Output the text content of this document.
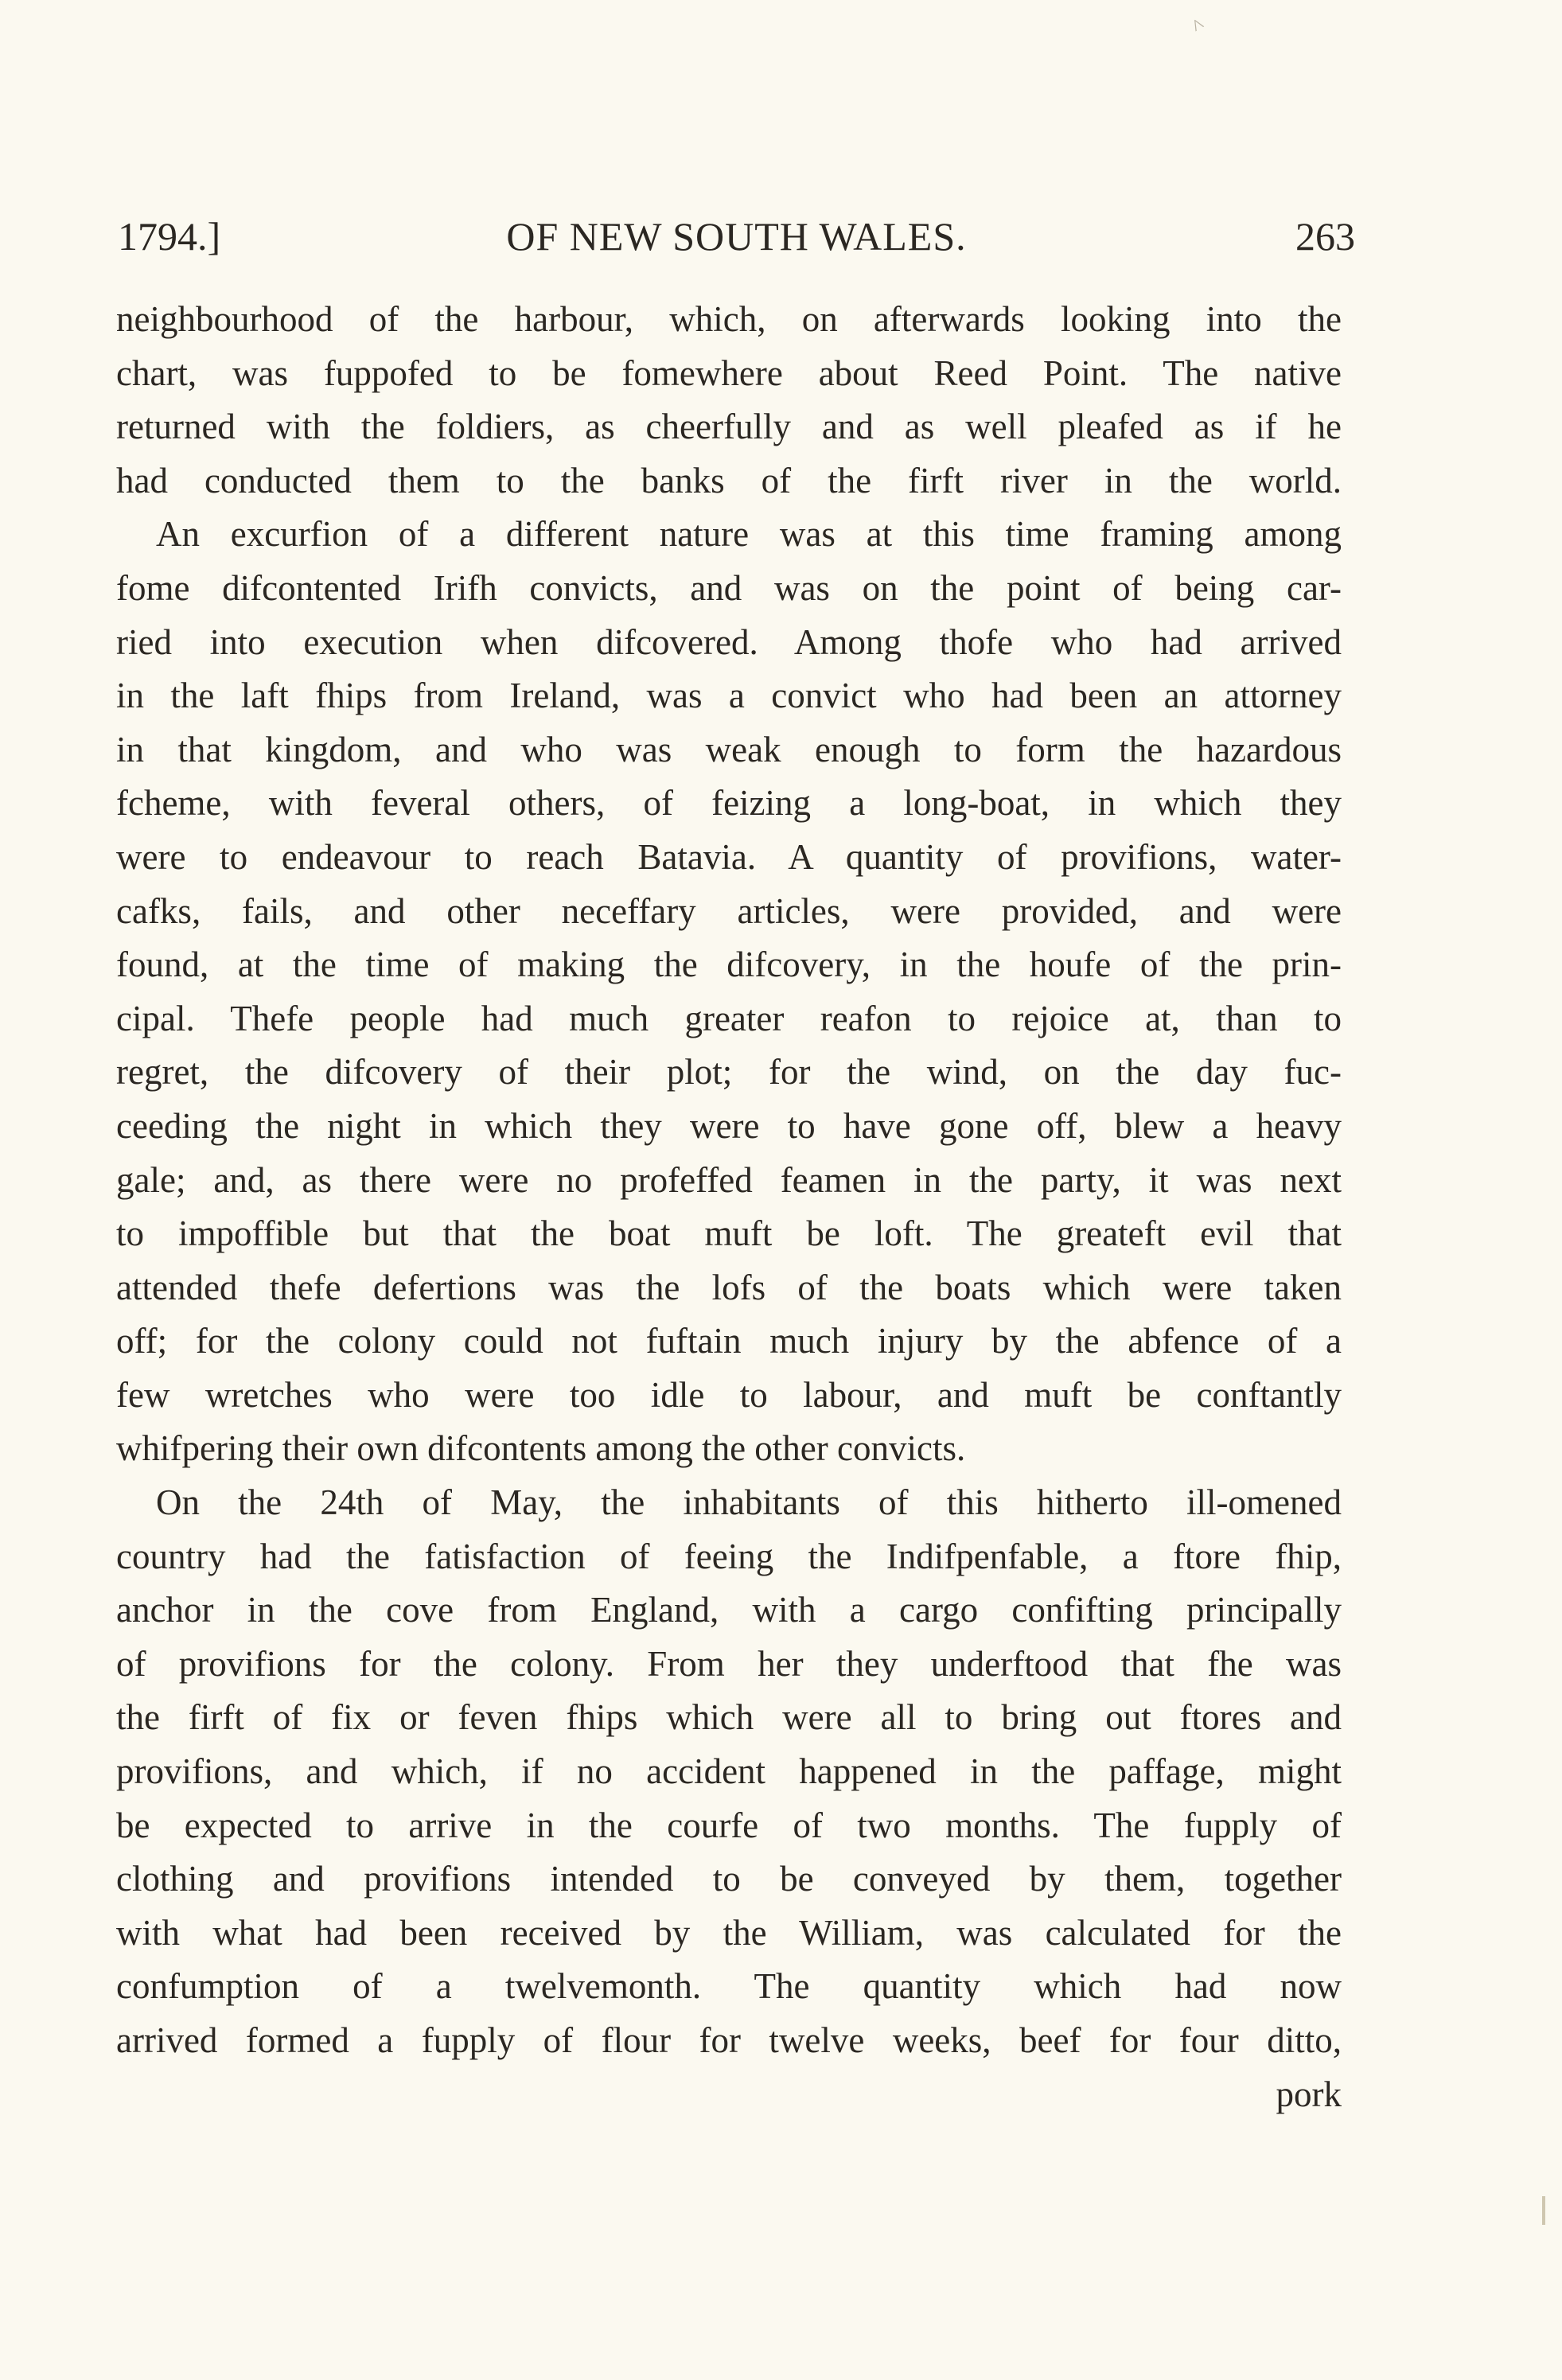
^
1794.]	OF NEW SOUTH WALES.	263
neighbourhood of the harbour, which, on afterwards looking into the
chart, was fuppofed to be fomewhere about Reed Point. The native
returned with the foldiers, as cheerfully and as well pleafed as if he
had conducted them to the banks of the firft river in the world.
An excurfion of a different nature was at this time framing among
fome difcontented Irifh convicts, and was on the point of being car-
ried into execution when difcovered. Among thofe who had arrived
in the laft fhips from Ireland, was a convict who had been an attorney
in that kingdom, and who was weak enough to form the hazardous
fcheme, with feveral others, of feizing a long-boat, in which they
were to endeavour to reach Batavia. A quantity of provifions, water-
cafks, fails, and other neceffary articles, were provided, and were
found, at the time of making the difcovery, in the houfe of the prin-
cipal. Thefe people had much greater reafon to rejoice at, than to
regret, the difcovery of their plot; for the wind, on the day fuc-
ceeding the night in which they were to have gone off, blew a heavy
gale; and, as there were no profeffed feamen in the party, it was next
to impoffible but that the boat muft be loft. The greateft evil that
attended thefe defertions was the lofs of the boats which were taken
off; for the colony could not fuftain much injury by the abfence of a
few wretches who were too idle to labour, and muft be conftantly
whifpering their own difcontents among the other convicts.
On the 24th of May, the inhabitants of this hitherto ill-omened
country had the fatisfaction of feeing the Indifpenfable, a ftore fhip,
anchor in the cove from England, with a cargo confifting principally
of provifions for the colony. From her they underftood that fhe was
the firft of fix or feven fhips which were all to bring out ftores and
provifions, and which, if no accident happened in the paffage, might
be expected to arrive in the courfe of two months. The fupply of
clothing and provifions intended to be conveyed by them, together
with what had been received by the William, was calculated for the
confumption of a twelvemonth. The quantity which had now
arrived formed a fupply of flour for twelve weeks, beef for four ditto,
pork
